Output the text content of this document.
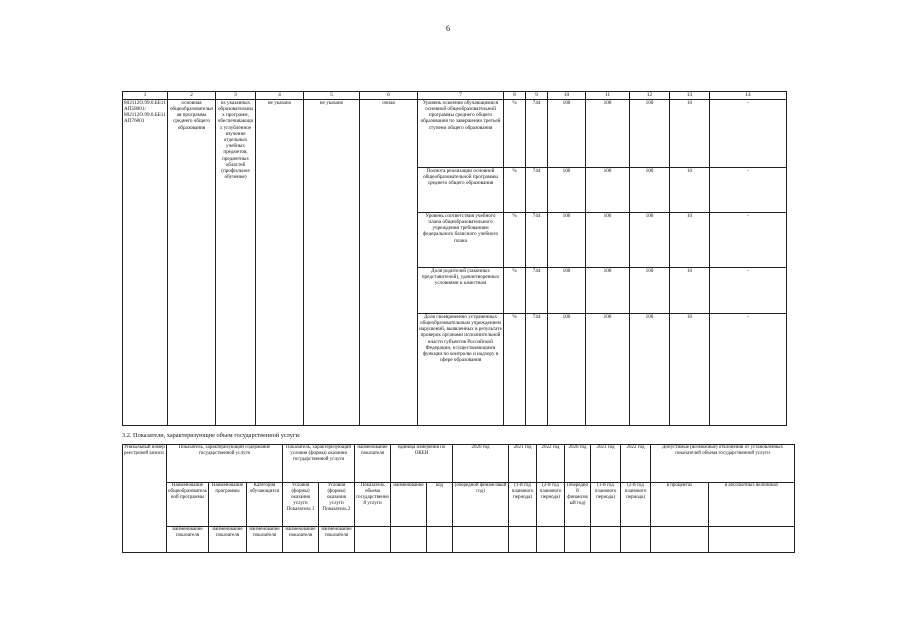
6
1	2	3	4	5	6	7	8	9	10	11	12	13	14
802112О.99.0.ББ11АП58001/ 802112О.99.0.ББ11АП76001	основная общеобразовательная программа среднего общего образования	из указанных образовательных программ, обеспечивающих углубленное изучение отдельных учебных предметов, предметных областей (профильное обучение)	не указано	не указано	очная	Уровень освоения обучающимися основной общеобразовательной программы среднего общего образования по завершении третьей ступени общего образования	%	744	100	100	100	10	-
						Полнота реализации основной общеобразовательной программы среднего общего образования	%	744	100	100	100	10	-
						Уровень соответствия учебного плана общеобразовательного учреждения требованиям федерального базисного учебного плана	%	744	100	100	100	10	-
						Доля родителей (законных представителей), удовлетворенных условиями и качеством	%	744	100	100	100	10	-
						Доля своевременно устраненных общеобразовательным учреждением нарушений, выявленных в результате проверок органами исполнительной власти субъектов Российской Федерации, осуществляющими функции по контролю и надзору в сфере образования	%	744	100	100	100	10	-
3.2. Показатели, характеризующие объем государственной услуги:
Уникальный номер реестровой записи	Показатель, характеризующий содержание государственной услуги			Показатель, характеризующий условия (формы) оказания государственной услуги		наименование показателя	единица измерения по ОКЕИ		2020 год	2021 год	2022 год	2020 год	2021 год	2022 год	Допустимые (возможные) отклонения от установленных показателей объема государственной услуги	
	Наименование общеобразовательной программы	Наименование программы	Категория обучающихся	Условия (формы) оказания услуги Показатель 1	Условия (формы) оказания услуги Показатель 2	Показатель объема государственной услуги	наименование	код	(очередной финансовый год)	(1-й год планового периода)	(2-й год планового периода)	(очередной финансовый год)	(1-й год планового периода)	(2-й год планового периода)	в процентах	в абсолютных величинах
	наименование показателя	наименование показателя	наименование показателя	наименование показателя	наименование показателя											
